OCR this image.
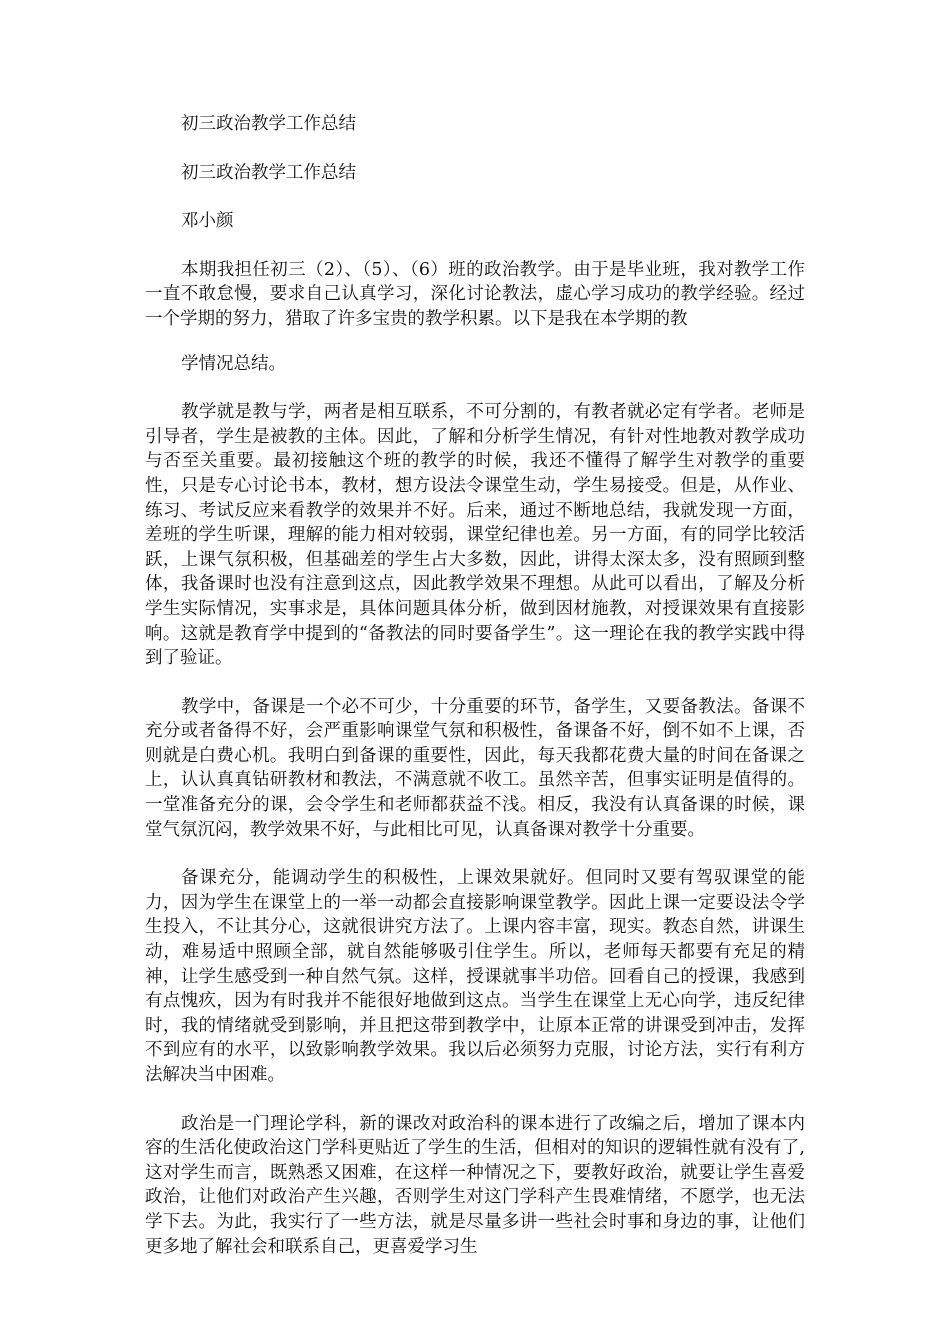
初三政治教学工作总结

初三政治教学工作总结

邓小颜

本期我担任初三（2）、（5）、（6）班的政治教学。由于是毕业班，我对教学工作一直不敢怠慢，要求自己认真学习，深化讨论教法，虚心学习成功的教学经验。经过一个学期的努力，猎取了许多宝贵的教学积累。以下是我在本学期的教

学情况总结。

教学就是教与学，两者是相互联系，不可分割的，有教者就必定有学者。老师是引导者，学生是被教的主体。因此，了解和分析学生情况，有针对性地教对教学成功与否至关重要。最初接触这个班的教学的时候，我还不懂得了解学生对教学的重要性，只是专心讨论书本，教材，想方设法令课堂生动，学生易接受。但是，从作业、练习、考试反应来看教学的效果并不好。后来，通过不断地总结，我就发现一方面，差班的学生听课，理解的能力相对较弱，课堂纪律也差。另一方面，有的同学比较活跃，上课气氛积极，但基础差的学生占大多数，因此，讲得太深太多，没有照顾到整体，我备课时也没有注意到这点，因此教学效果不理想。从此可以看出，了解及分析学生实际情况，实事求是，具体问题具体分析，做到因材施教，对授课效果有直接影响。这就是教育学中提到的“备教法的同时要备学生”。这一理论在我的教学实践中得到了验证。

教学中，备课是一个必不可少，十分重要的环节，备学生，又要备教法。备课不充分或者备得不好，会严重影响课堂气氛和积极性，备课备不好，倒不如不上课，否则就是白费心机。我明白到备课的重要性，因此，每天我都花费大量的时间在备课之上，认认真真钻研教材和教法，不满意就不收工。虽然辛苦，但事实证明是值得的。一堂准备充分的课，会令学生和老师都获益不浅。相反，我没有认真备课的时候，课堂气氛沉闷，教学效果不好，与此相比可见，认真备课对教学十分重要。

备课充分，能调动学生的积极性，上课效果就好。但同时又要有驾驭课堂的能力，因为学生在课堂上的一举一动都会直接影响课堂教学。因此上课一定要设法令学生投入，不让其分心，这就很讲究方法了。上课内容丰富，现实。教态自然，讲课生动，难易适中照顾全部，就自然能够吸引住学生。所以，老师每天都要有充足的精神，让学生感受到一种自然气氛。这样，授课就事半功倍。回看自己的授课，我感到有点愧疚，因为有时我并不能很好地做到这点。当学生在课堂上无心向学，违反纪律时，我的情绪就受到影响，并且把这带到教学中，让原本正常的讲课受到冲击，发挥不到应有的水平，以致影响教学效果。我以后必须努力克服，讨论方法，实行有利方法解决当中困难。

政治是一门理论学科，新的课改对政治科的课本进行了改编之后，增加了课本内容的生活化使政治这门学科更贴近了学生的生活，但相对的知识的逻辑性就有没有了,这对学生而言，既熟悉又困难，在这样一种情况之下，要教好政治，就要让学生喜爱政治，让他们对政治产生兴趣，否则学生对这门学科产生畏难情绪，不愿学，也无法学下去。为此，我实行了一些方法，就是尽量多讲一些社会时事和身边的事，让他们更多地了解社会和联系自己，更喜爱学习生
